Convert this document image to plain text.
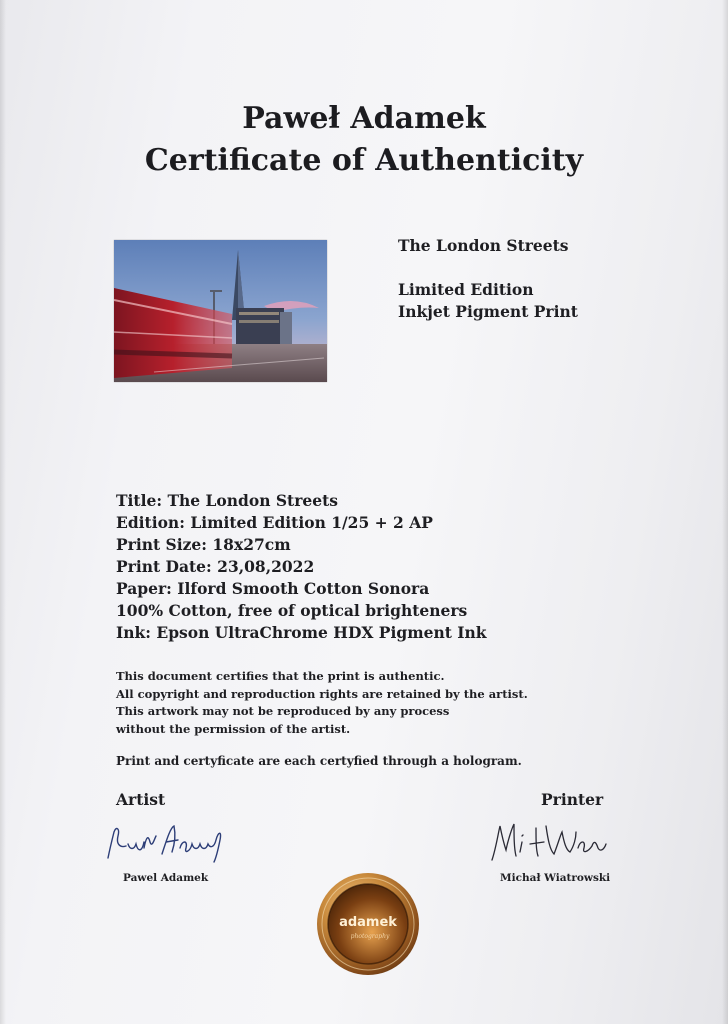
Paweł Adamek
Certificate of Authenticity
The London Streets
Limited Edition
Inkjet Pigment Print
Title: The London Streets
Edition: Limited Edition 1/25 + 2 AP
Print Size: 18x27cm
Print Date: 23,08,2022
Paper: Ilford Smooth Cotton Sonora
100% Cotton, free of optical brighteners
Ink: Epson UltraChrome HDX Pigment Ink
This document certifies that the print is authentic.
All copyright and reproduction rights are retained by the artist.
This artwork may not be reproduced by any process
without the permission of the artist.
Print and certyficate are each certyfied through a hologram.
Artist	Printer
Pawel Adamek	Michał Wiatrowski
adamek
photography
